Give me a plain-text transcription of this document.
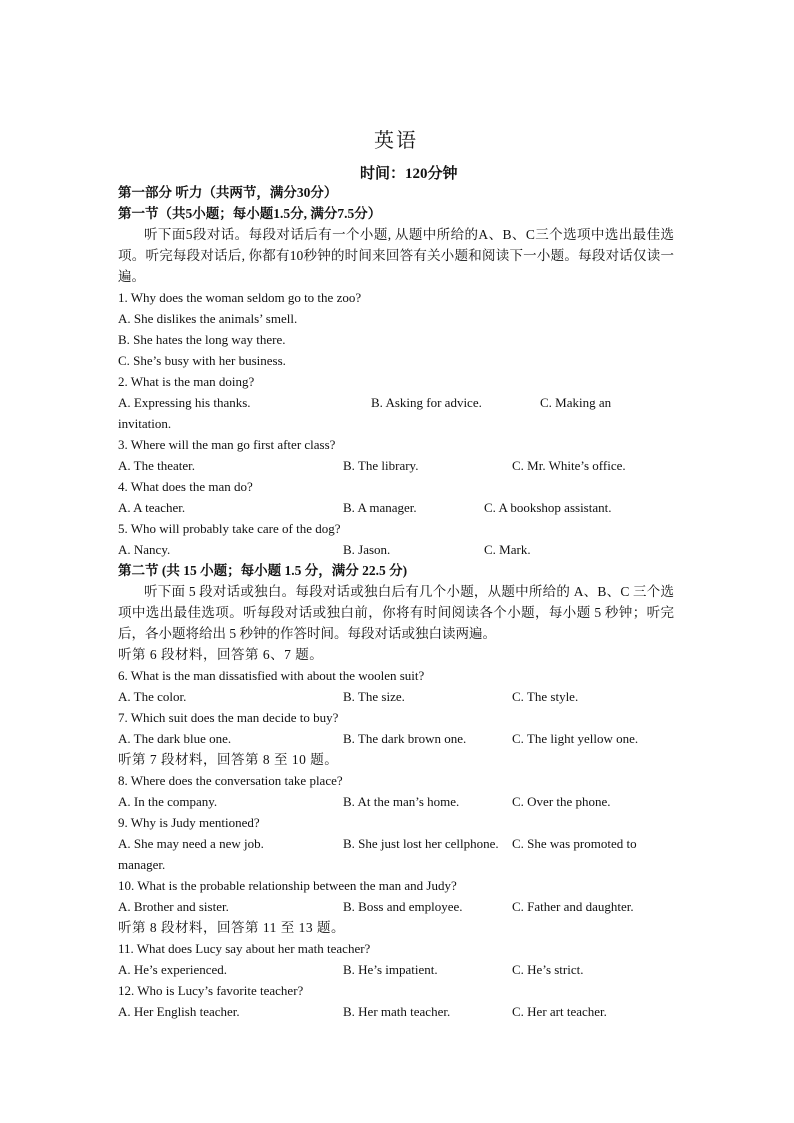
英语
时间：120分钟
第一部分 听力（共两节，满分30分）
第一节（共5小题；每小题1.5分, 满分7.5分）
听下面5段对话。每段对话后有一个小题, 从题中所给的A、B、C三个选项中选出最佳选项。听完每段对话后, 你都有10秒钟的时间来回答有关小题和阅读下一小题。每段对话仅读一遍。
1. Why does the woman seldom go to the zoo?
A. She dislikes the animals’ smell.
B. She hates the long way there.
C. She’s busy with her business.
2. What is the man doing?
A. Expressing his thanks.	B. Asking for advice.	C. Making an
invitation.
3. Where will the man go first after class?
A. The theater.	B. The library.	C. Mr. White’s office.
4. What does the man do?
A. A teacher.	B. A manager.	C. A bookshop assistant.
5. Who will probably take care of the dog?
A. Nancy.	B. Jason.	C. Mark.
第二节 (共 15 小题；每小题 1.5 分，满分 22.5 分)
听下面 5 段对话或独白。每段对话或独白后有几个小题，从题中所给的 A、B、C 三个选项中选出最佳选项。听每段对话或独白前，你将有时间阅读各个小题，每小题 5 秒钟；听完后，各小题将给出 5 秒钟的作答时间。每段对话或独白读两遍。
听第 6 段材料，回答第 6、7 题。
6. What is the man dissatisfied with about the woolen suit?
A. The color.	B. The size.	C. The style.
7. Which suit does the man decide to buy?
A. The dark blue one.	B. The dark brown one.	C. The light yellow one.
听第 7 段材料，回答第 8 至 10 题。
8. Where does the conversation take place?
A. In the company.	B. At the man’s home.	C. Over the phone.
9. Why is Judy mentioned?
A. She may need a new job.	B. She just lost her cellphone. C. She was promoted to
manager.
10. What is the probable relationship between the man and Judy?
A. Brother and sister.	B. Boss and employee.	C. Father and daughter.
听第 8 段材料，回答第 11 至 13 题。
11. What does Lucy say about her math teacher?
A. He’s experienced.	B. He’s impatient.	C. He’s strict.
12. Who is Lucy’s favorite teacher?
A. Her English teacher.	B. Her math teacher.	C. Her art teacher.
